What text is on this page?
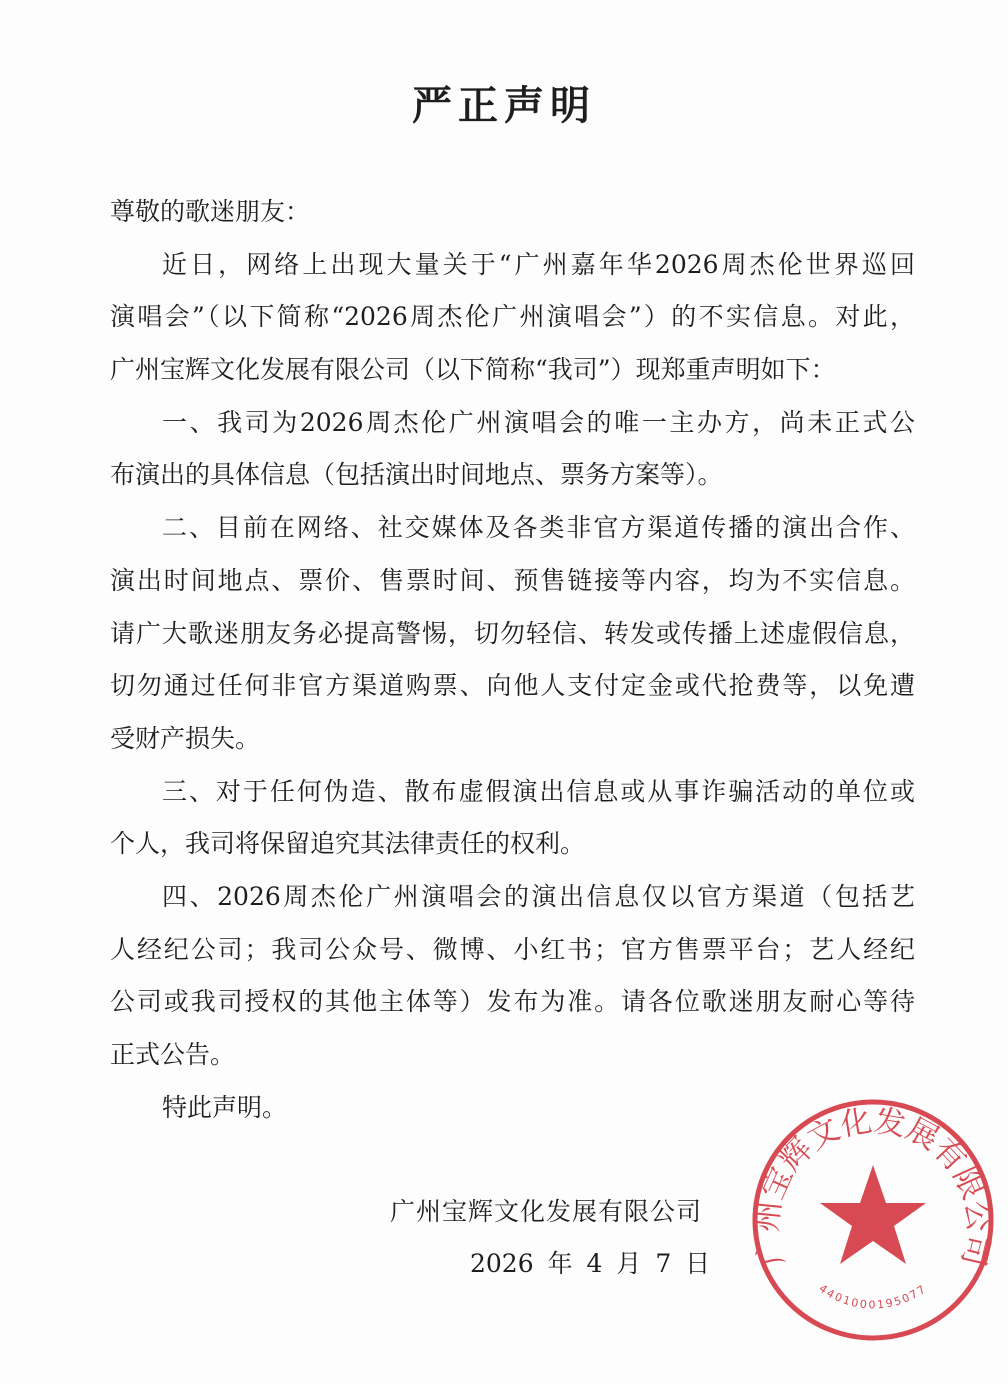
严正声明
尊敬的歌迷朋友：
近日，网络上出现大量关于“广州嘉年华2026周杰伦世界巡回
演唱会”（以下简称“2026周杰伦广州演唱会”）的不实信息。对此，
广州宝辉文化发展有限公司（以下简称“我司”）现郑重声明如下：
一、我司为2026周杰伦广州演唱会的唯一主办方，尚未正式公
布演出的具体信息（包括演出时间地点、票务方案等）。
二、目前在网络、社交媒体及各类非官方渠道传播的演出合作、
演出时间地点、票价、售票时间、预售链接等内容，均为不实信息。
请广大歌迷朋友务必提高警惕，切勿轻信、转发或传播上述虚假信息，
切勿通过任何非官方渠道购票、向他人支付定金或代抢费等，以免遭
受财产损失。
三、对于任何伪造、散布虚假演出信息或从事诈骗活动的单位或
个人，我司将保留追究其法律责任的权利。
四、2026周杰伦广州演唱会的演出信息仅以官方渠道（包括艺
人经纪公司；我司公众号、微博、小红书；官方售票平台；艺人经纪
公司或我司授权的其他主体等）发布为准。请各位歌迷朋友耐心等待
正式公告。
特此声明。
广州宝辉文化发展有限公司
2026 年 4 月 7 日 广州宝辉文化发展有限公司
4401000195077
